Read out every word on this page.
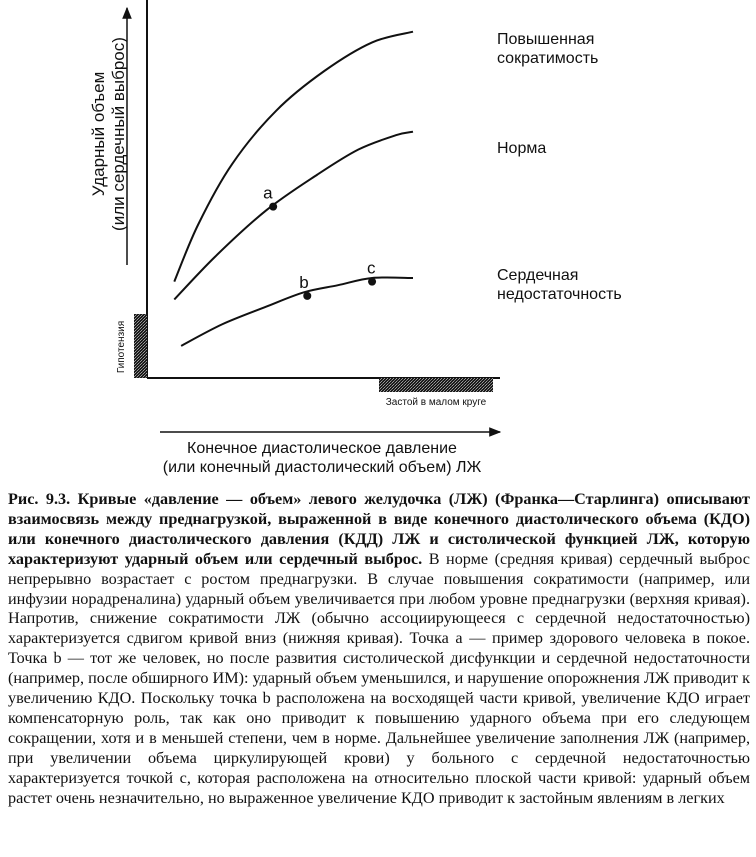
Ударный объем (или сердечный выброс)
Конечное диастолическое давление
(или конечный диастолический объем) ЛЖ
Гипотензия
Застой в малом круге
Повышенная
сократимость
Норма
Сердечная
недостаточность
a
b
c

Рис. 9.3. Кривые «давление — объем» левого желудочка (ЛЖ) (Франка—Старлинга) описывают взаимосвязь между преднагрузкой, выраженной в виде конечного диастолического объема (КДО) или конечного диастолического давления (КДД) ЛЖ и систолической функцией ЛЖ, которую характеризуют ударный объем или сердечный выброс. В норме (средняя кривая) сердечный выброс непрерывно возрастает с ростом преднагрузки. В случае повышения сократимости (например, или инфузии норадреналина) ударный объем увеличивается при любом уровне преднагрузки (верхняя кривая). Напротив, снижение сократимости ЛЖ (обычно ассоциирующееся с сердечной недостаточностью) характеризуется сдвигом кривой вниз (нижняя кривая). Точка a — пример здорового человека в покое. Точка b — тот же человек, но после развития систолической дисфункции и сердечной недостаточности (например, после обширного ИМ): ударный объем уменьшился, и нарушение опорожнения ЛЖ приводит к увеличению КДО. Поскольку точка b расположена на восходящей части кривой, увеличение КДО играет компенсаторную роль, так как оно приводит к повышению ударного объема при его следующем сокращении, хотя и в меньшей степени, чем в норме. Дальнейшее увеличение заполнения ЛЖ (например, при увеличении объема циркулирующей крови) у больного с сердечной недостаточностью характеризуется точкой c, которая расположена на относительно плоской части кривой: ударный объем растет очень незначительно, но выраженное увеличение КДО приводит к застойным явлениям в легких
